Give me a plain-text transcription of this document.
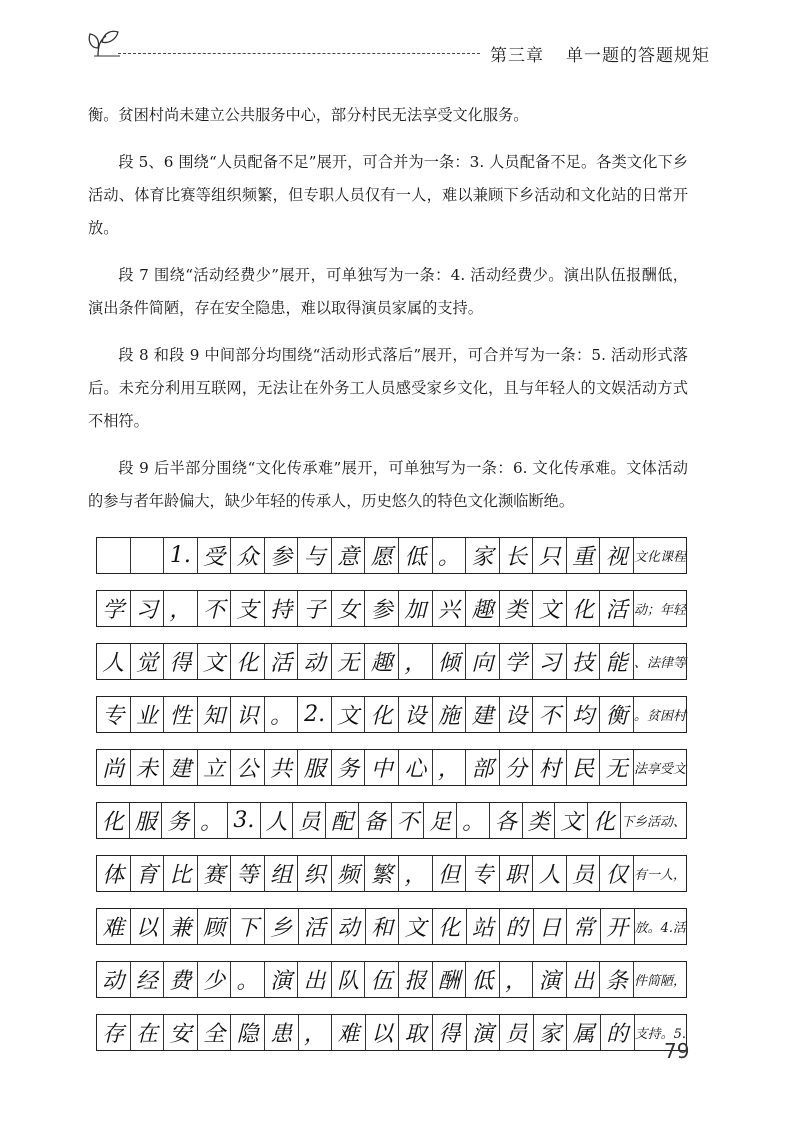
第三章 单一题的答题规矩

衡。贫困村尚未建立公共服务中心，部分村民无法享受文化服务。

段 5、6 围绕“人员配备不足”展开，可合并为一条：3. 人员配备不足。各类文化下乡活动、体育比赛等组织频繁，但专职人员仅有一人，难以兼顾下乡活动和文化站的日常开放。

段 7 围绕“活动经费少”展开，可单独写为一条：4. 活动经费少。演出队伍报酬低，演出条件简陋，存在安全隐患，难以取得演员家属的支持。

段 8 和段 9 中间部分均围绕“活动形式落后”展开，可合并写为一条：5. 活动形式落后。未充分利用互联网，无法让在外务工人员感受家乡文化，且与年轻人的文娱活动方式不相符。

段 9 后半部分围绕“文化传承难”展开，可单独写为一条：6. 文化传承难。文体活动的参与者年龄偏大，缺少年轻的传承人，历史悠久的特色文化濒临断绝。

1. 受 众 参 与 意 愿 低 。 家 长 只 重 视 文化课程
学 习 ， 不 支 持 子 女 参 加 兴 趣 类 文 化 活 动；年轻
人 觉 得 文 化 活 动 无 趣 ， 倾 向 学 习 技 能 、法律等
专 业 性 知 识 。 2. 文 化 设 施 建 设 不 均 衡 。贫困村
尚 未 建 立 公 共 服 务 中 心 ， 部 分 村 民 无 法享受文
化 服 务 。 3. 人 员 配 备 不 足 。 各 类 文 化 下乡活动、
体 育 比 赛 等 组 织 频 繁 ， 但 专 职 人 员 仅 有一人，
难 以 兼 顾 下 乡 活 动 和 文 化 站 的 日 常 开 放。4.活
动 经 费 少 。 演 出 队 伍 报 酬 低 ， 演 出 条 件简陋，
存 在 安 全 隐 患 ， 难 以 取 得 演 员 家 属 的 支持。5.
79
